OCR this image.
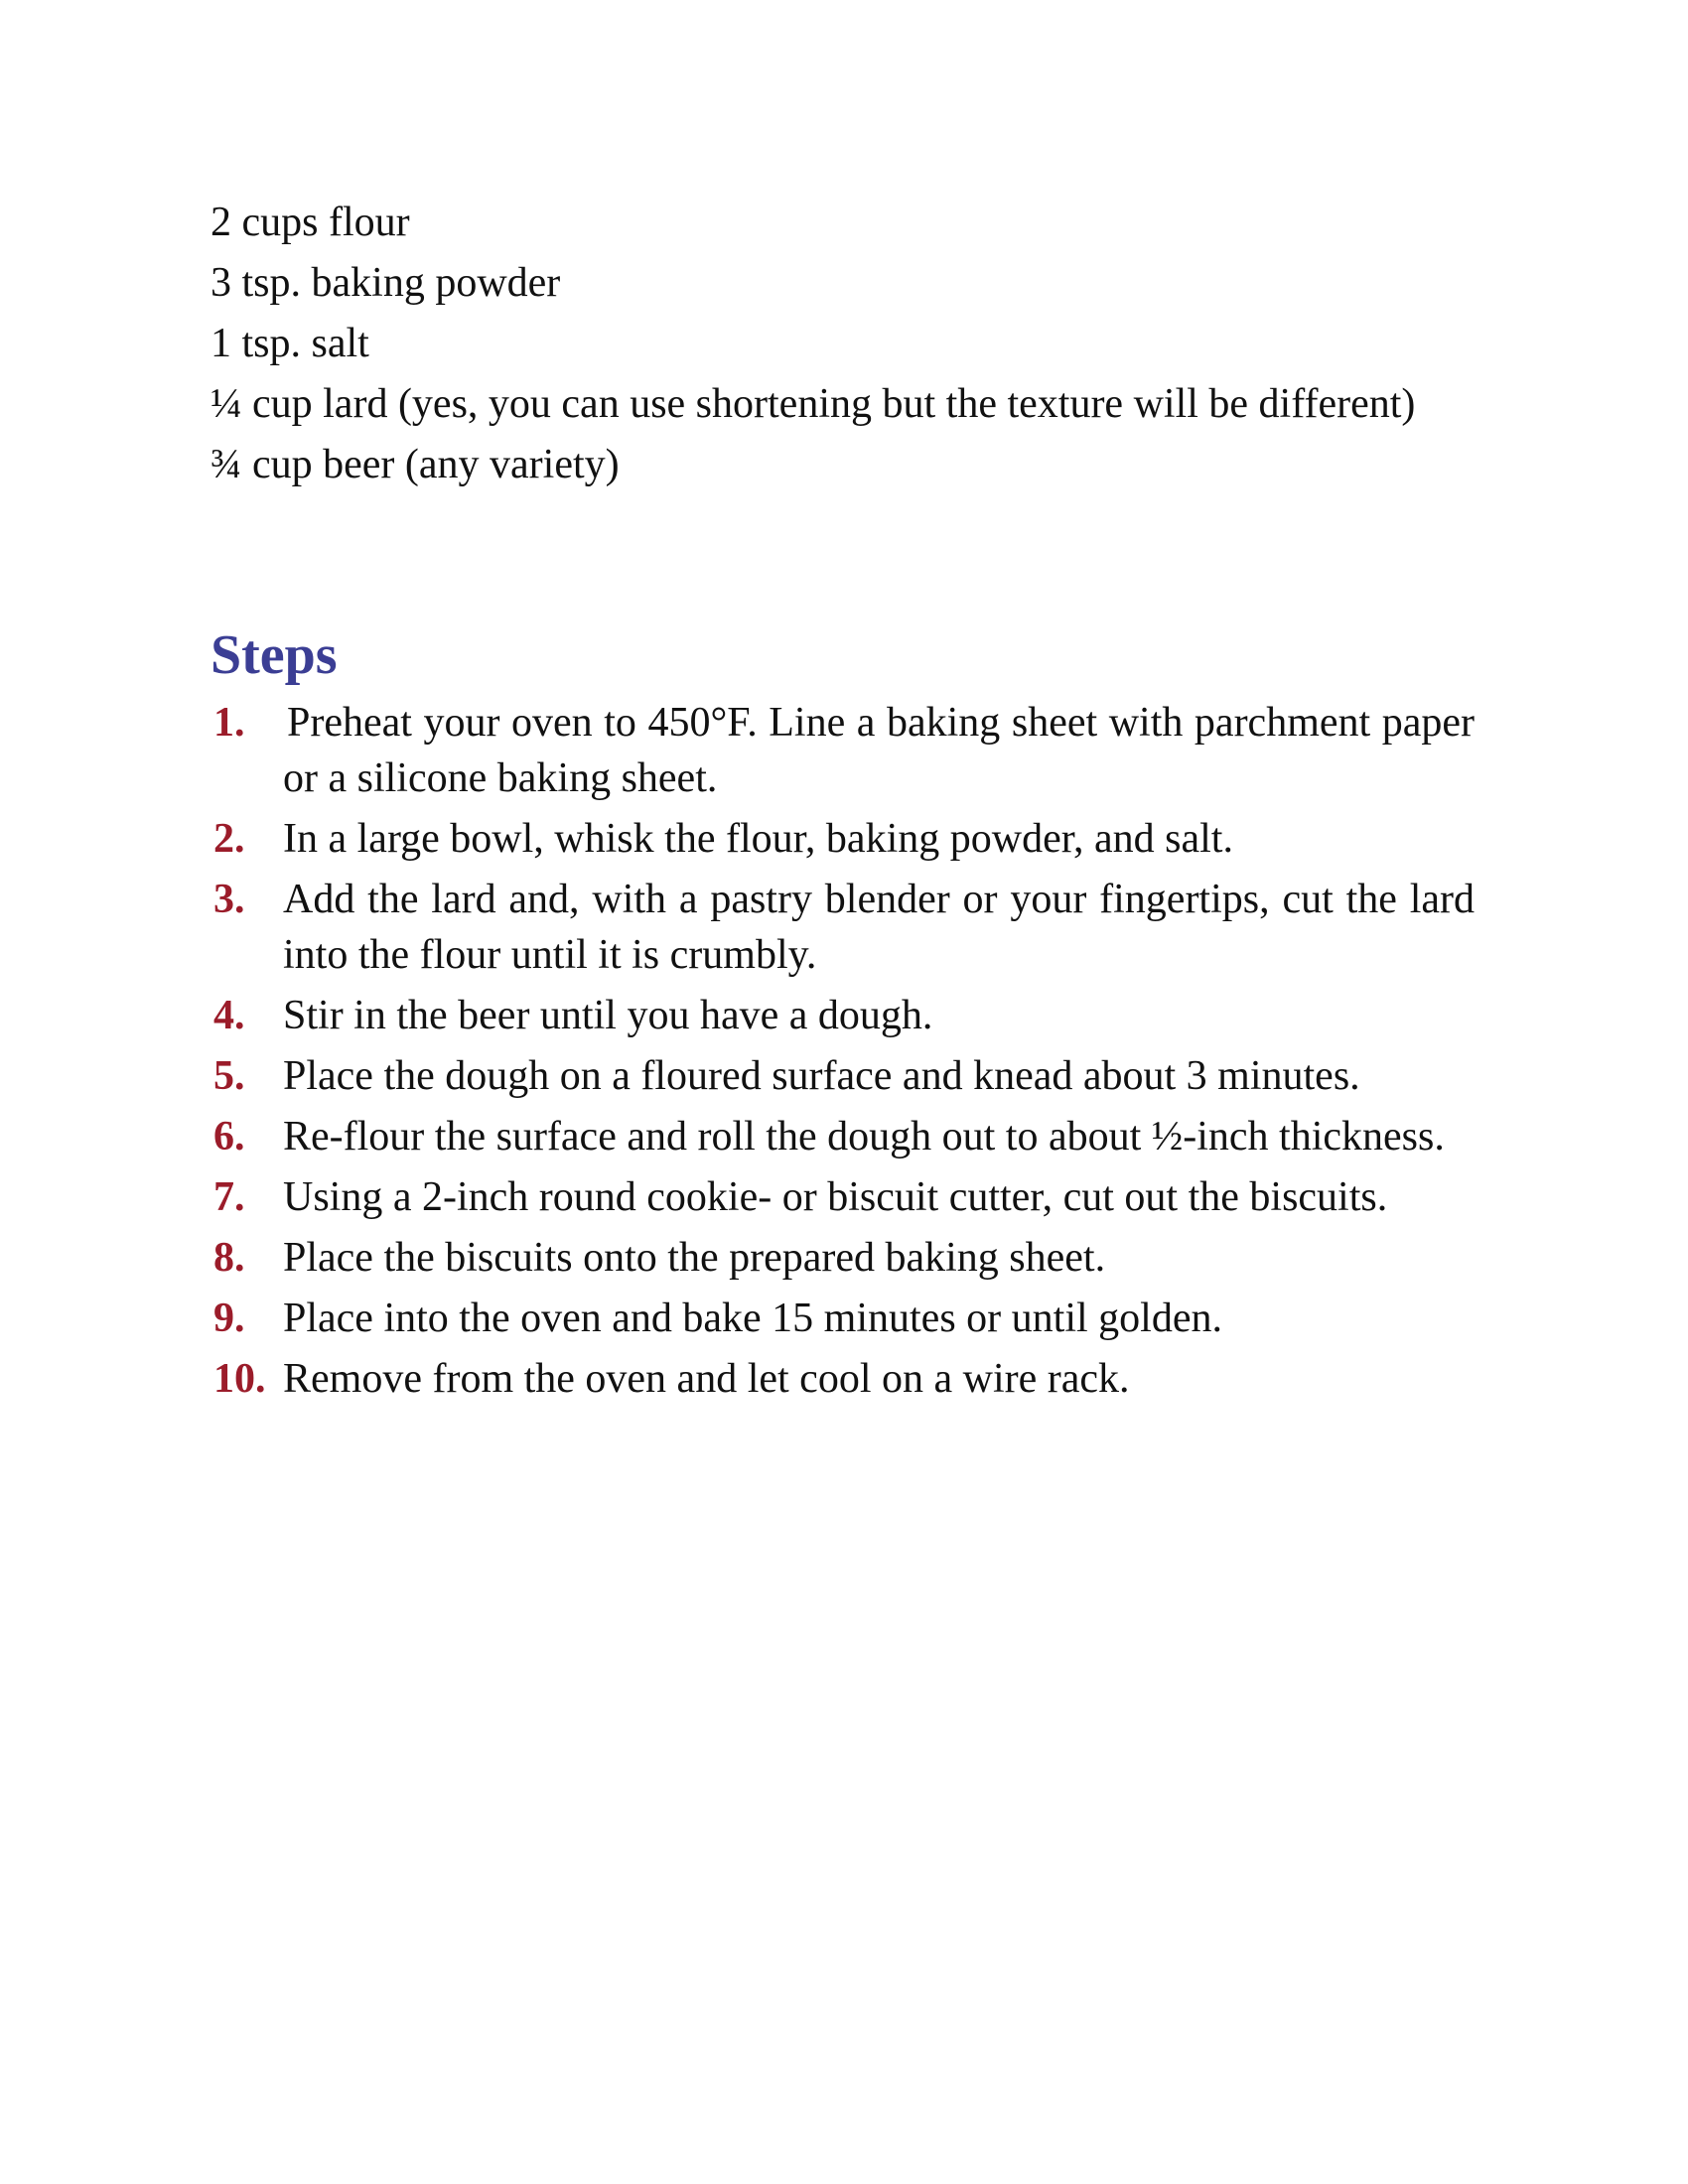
2 cups flour
3 tsp. baking powder
1 tsp. salt
¼ cup lard (yes, you can use shortening but the texture will be different)
¾ cup beer (any variety)
Steps
1. Preheat your oven to 450°F. Line a baking sheet with parchment paper or a silicone baking sheet.
2. In a large bowl, whisk the flour, baking powder, and salt.
3. Add the lard and, with a pastry blender or your fingertips, cut the lard into the flour until it is crumbly.
4. Stir in the beer until you have a dough.
5. Place the dough on a floured surface and knead about 3 minutes.
6. Re-flour the surface and roll the dough out to about ½-inch thickness.
7. Using a 2-inch round cookie- or biscuit cutter, cut out the biscuits.
8. Place the biscuits onto the prepared baking sheet.
9. Place into the oven and bake 15 minutes or until golden.
10. Remove from the oven and let cool on a wire rack.
